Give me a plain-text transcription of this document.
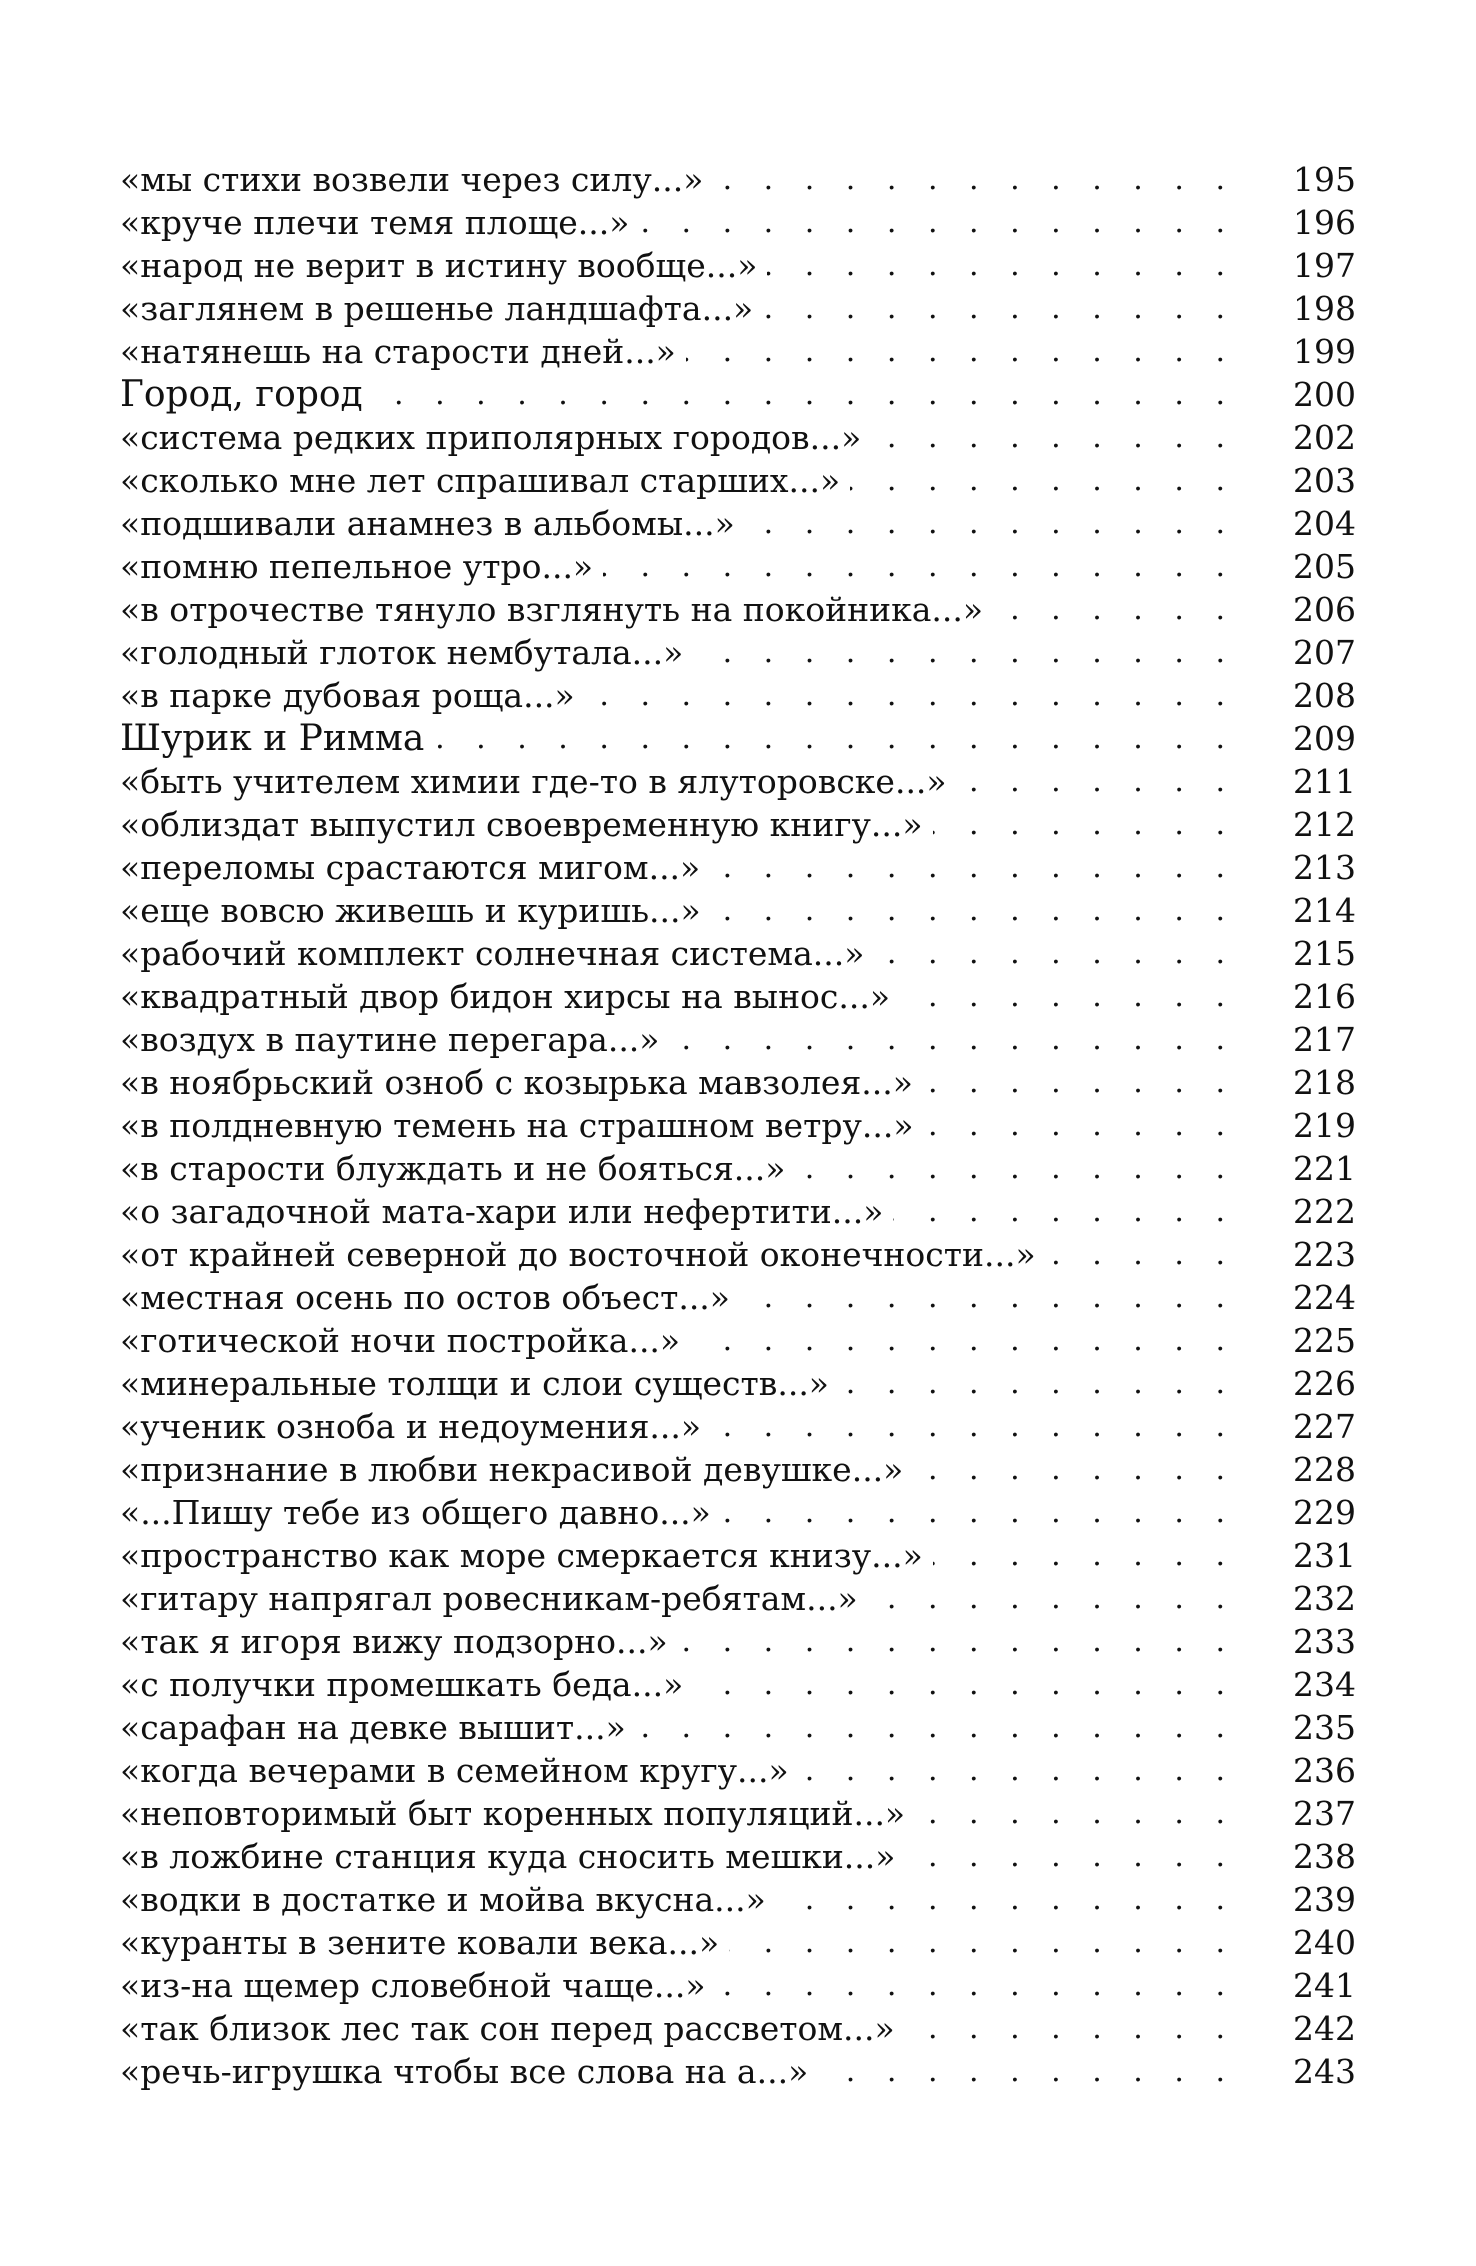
«мы стихи возвели через силу...» . . .	195
«круче плечи темя площе...» . . .	196
«народ не верит в истину вообще...» . . .	197
«заглянем в решенье ландшафта...» . . .	198
«натянешь на старости дней...» . . .	199
Город, город . . .	200
«система редких приполярных городов...» . . .	202
«сколько мне лет спрашивал старших...» . . .	203
«подшивали анамнез в альбомы...» . . .	204
«помню пепельное утро...» . . .	205
«в отрочестве тянуло взглянуть на покойника...» . . .	206
«голодный глоток нембутала...» . . .	207
«в парке дубовая роща...» . . .	208
Шурик и Римма . . .	209
«быть учителем химии где-то в ялуторовске...» . . .	211
«облиздат выпустил своевременную книгу...» . . .	212
«переломы срастаются мигом...» . . .	213
«еще вовсю живешь и куришь...» . . .	214
«рабочий комплект солнечная система...» . . .	215
«квадратный двор бидон хирсы на вынос...» . . .	216
«воздух в паутине перегара...» . . .	217
«в ноябрьский озноб с козырька мавзолея...» . . .	218
«в полдневную темень на страшном ветру...» . . .	219
«в старости блуждать и не бояться...» . . .	221
«о загадочной мата-хари или нефертити...» . . .	222
«от крайней северной до восточной оконечности...» . . .	223
«местная осень по остов объест...» . . .	224
«готической ночи постройка...» . . .	225
«минеральные толщи и слои существ...» . . .	226
«ученик озноба и недоумения...» . . .	227
«признание в любви некрасивой девушке...» . . .	228
«...Пишу тебе из общего давно...» . . .	229
«пространство как море смеркается книзу...» . . .	231
«гитару напрягал ровесникам-ребятам...» . . .	232
«так я игоря вижу подзорно...» . . .	233
«с получки промешкать беда...» . . .	234
«сарафан на девке вышит...» . . .	235
«когда вечерами в семейном кругу...» . . .	236
«неповторимый быт коренных популяций...» . . .	237
«в ложбине станция куда сносить мешки...» . . .	238
«водки в достатке и мойва вкусна...» . . .	239
«куранты в зените ковали века...» . . .	240
«из-на щемер словебной чаще...» . . .	241
«так близок лес так сон перед рассветом...» . . .	242
«речь-игрушка чтобы все слова на а...» . . .	243
